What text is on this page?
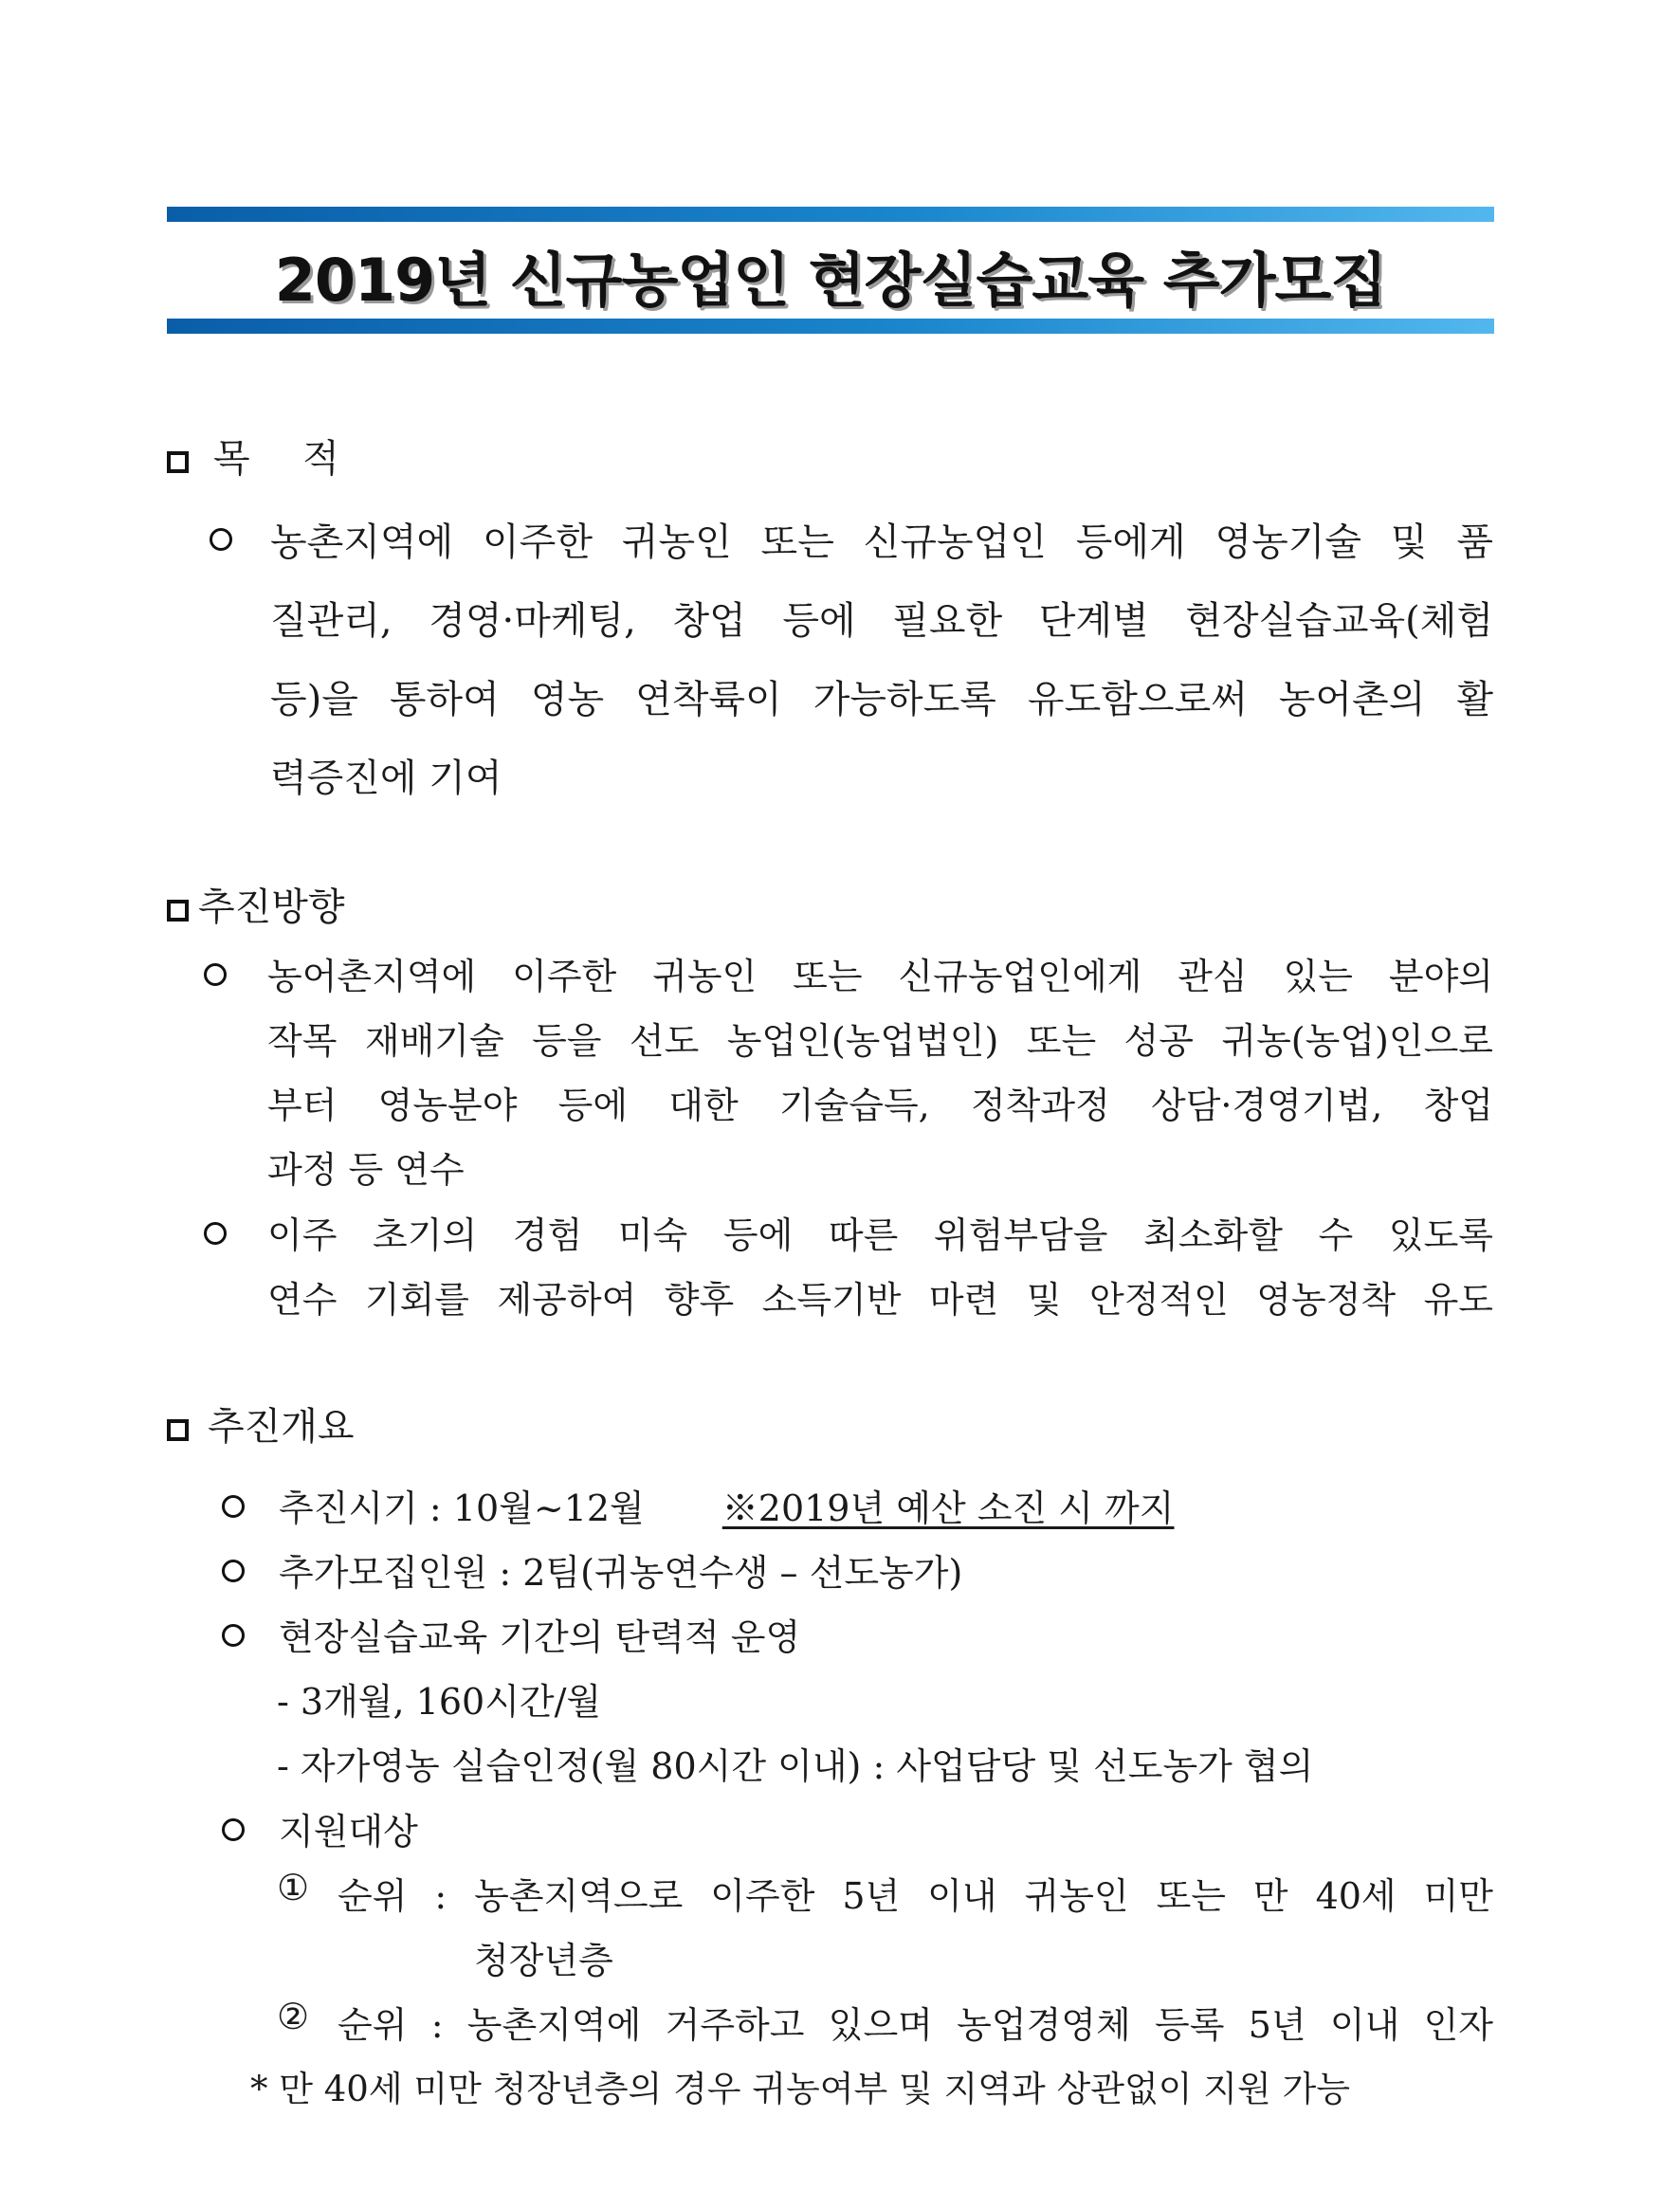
2019년 신규농업인 현장실습교육 추가모집
목  적
농촌지역에 이주한 귀농인 또는 신규농업인 등에게 영농기술 및 품
질관리, 경영·마케팅, 창업 등에 필요한 단계별 현장실습교육(체험
등)을 통하여 영농 연착륙이 가능하도록 유도함으로써 농어촌의 활
력증진에 기여
추진방향
농어촌지역에 이주한 귀농인 또는 신규농업인에게 관심 있는 분야의
작목 재배기술 등을 선도 농업인(농업법인) 또는 성공 귀농(농업)인으로
부터 영농분야 등에 대한 기술습득, 정착과정 상담·경영기법, 창업
과정 등 연수
이주 초기의 경험 미숙 등에 따른 위험부담을 최소화할 수 있도록
연수 기회를 제공하여 향후 소득기반 마련 및 안정적인 영농정착 유도
추진개요
추진시기 : 10월~12월 ※2019년 예산 소진 시 까지
추가모집인원 : 2팀(귀농연수생 – 선도농가)
현장실습교육 기간의 탄력적 운영
- 3개월, 160시간/월
- 자가영농 실습인정(월 80시간 이내) : 사업담당 및 선도농가 협의
지원대상
① 순위 : 농촌지역으로 이주한 5년 이내 귀농인 또는 만 40세 미만
청장년층
② 순위 : 농촌지역에 거주하고 있으며 농업경영체 등록 5년 이내 인자
* 만 40세 미만 청장년층의 경우 귀농여부 및 지역과 상관없이 지원 가능
